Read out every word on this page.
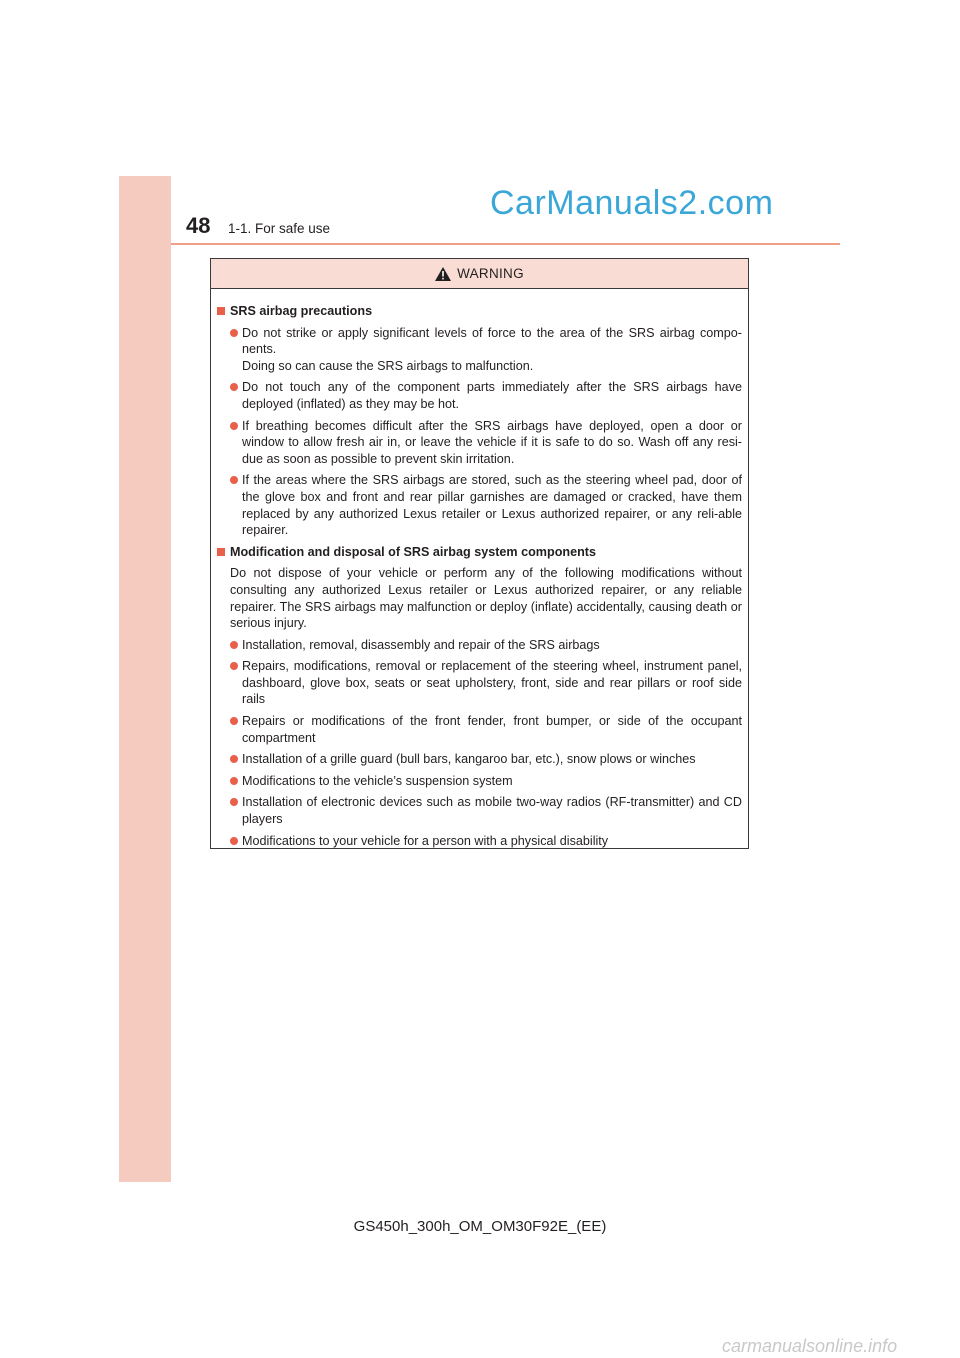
48 1-1. For safe use
CarManuals2.com
WARNING
SRS airbag precautions
Do not strike or apply significant levels of force to the area of the SRS airbag compo-nents.
Doing so can cause the SRS airbags to malfunction.
Do not touch any of the component parts immediately after the SRS airbags have deployed (inflated) as they may be hot.
If breathing becomes difficult after the SRS airbags have deployed, open a door or window to allow fresh air in, or leave the vehicle if it is safe to do so. Wash off any resi-due as soon as possible to prevent skin irritation.
If the areas where the SRS airbags are stored, such as the steering wheel pad, door of the glove box and front and rear pillar garnishes are damaged or cracked, have them replaced by any authorized Lexus retailer or Lexus authorized repairer, or any reli-able repairer.
Modification and disposal of SRS airbag system components
Do not dispose of your vehicle or perform any of the following modifications without consulting any authorized Lexus retailer or Lexus authorized repairer, or any reliable repairer. The SRS airbags may malfunction or deploy (inflate) accidentally, causing death or serious injury.
Installation, removal, disassembly and repair of the SRS airbags
Repairs, modifications, removal or replacement of the steering wheel, instrument panel, dashboard, glove box, seats or seat upholstery, front, side and rear pillars or roof side rails
Repairs or modifications of the front fender, front bumper, or side of the occupant compartment
Installation of a grille guard (bull bars, kangaroo bar, etc.), snow plows or winches
Modifications to the vehicle’s suspension system
Installation of electronic devices such as mobile two-way radios (RF-transmitter) and CD players
Modifications to your vehicle for a person with a physical disability
GS450h_300h_OM_OM30F92E_(EE)
carmanualsonline.info
